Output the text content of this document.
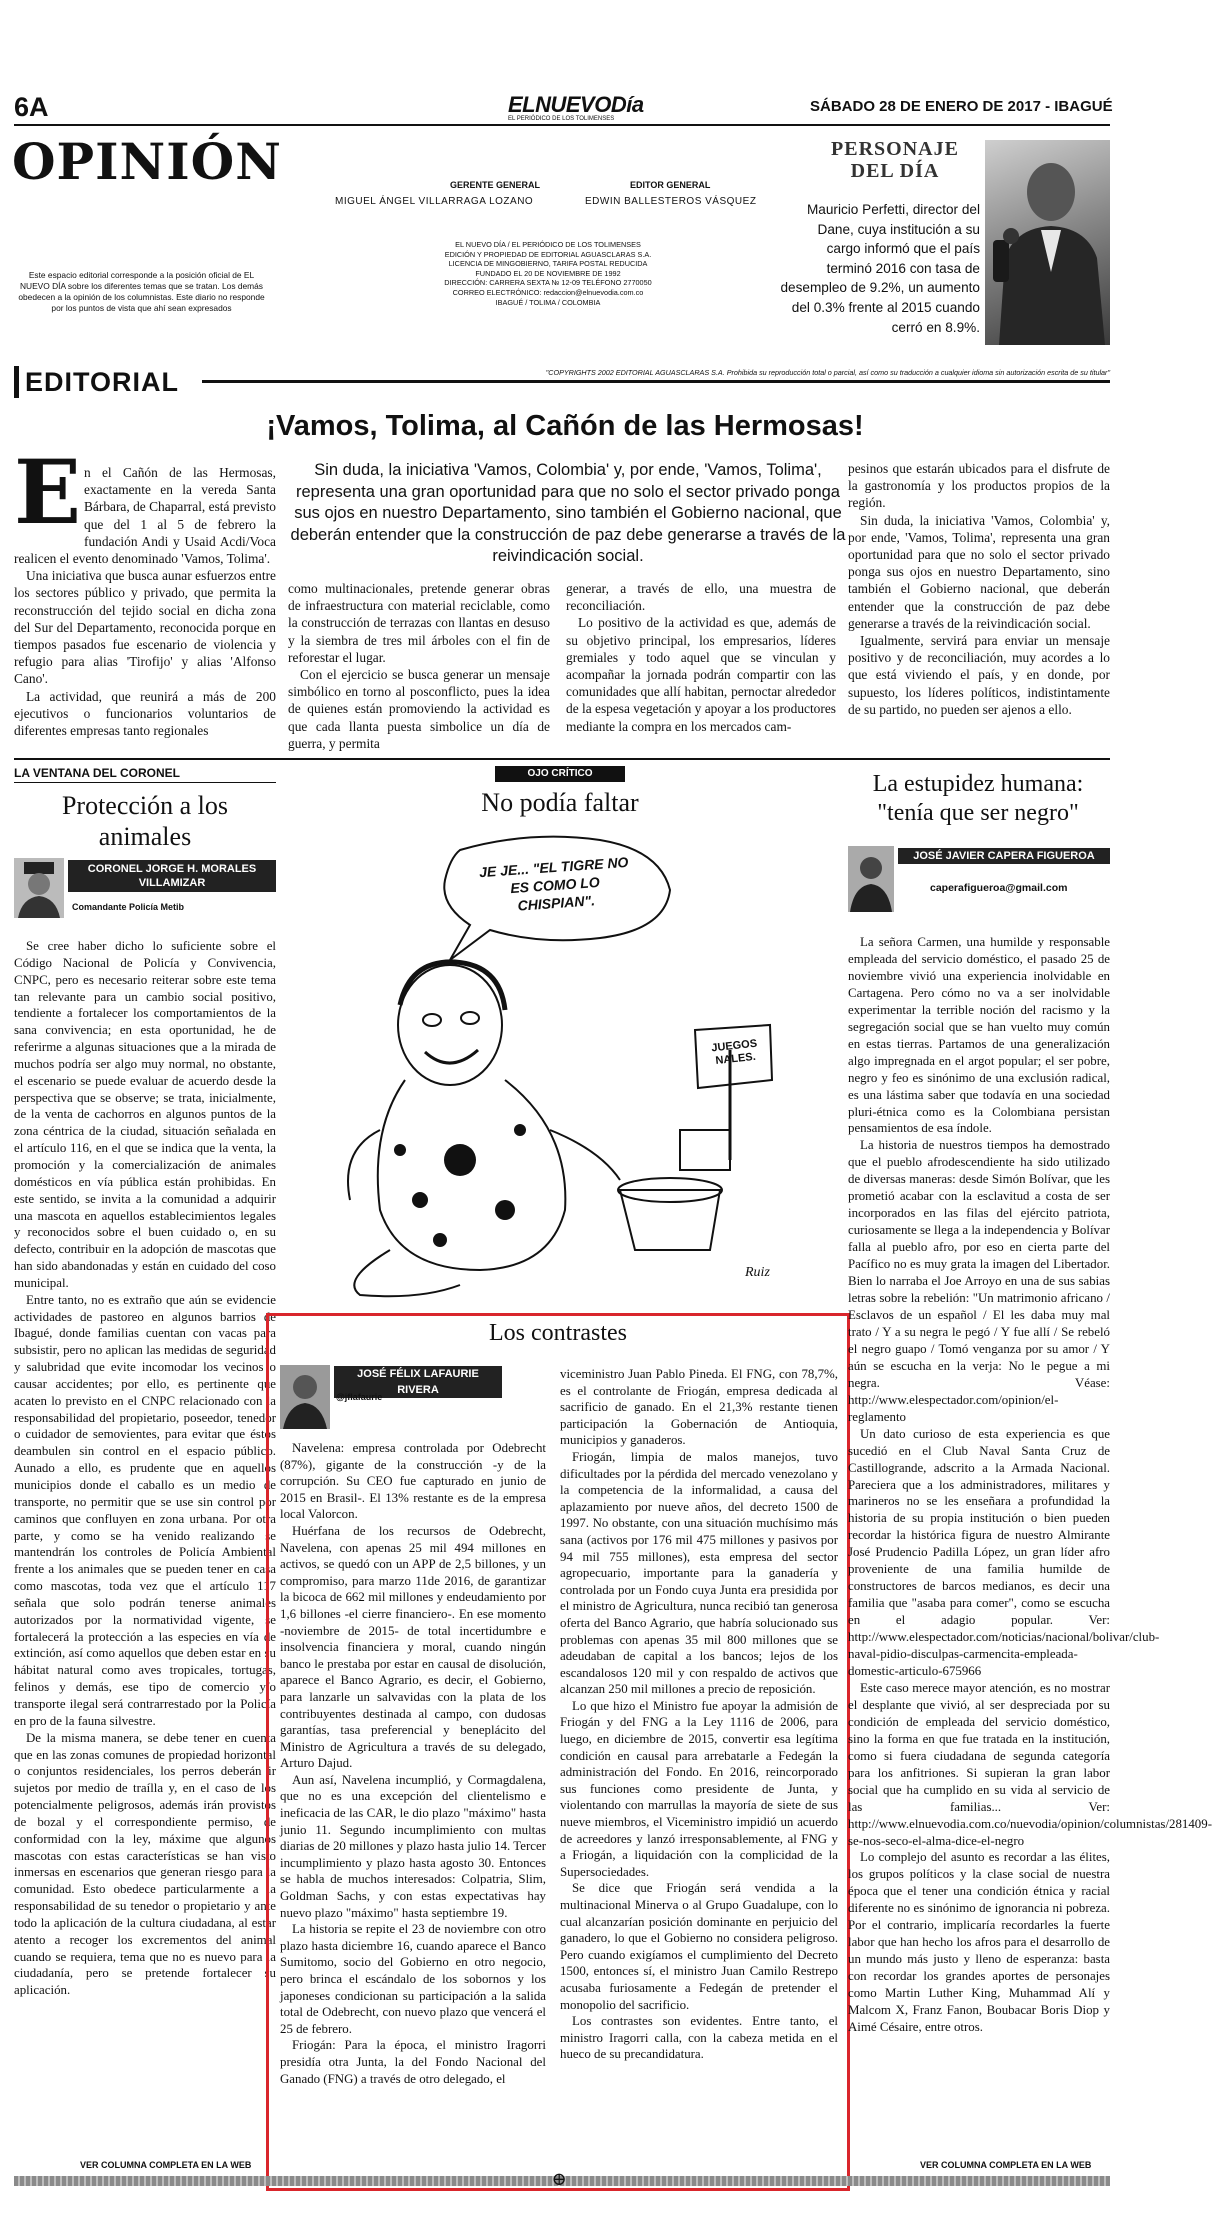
6A	ELNUEVODía
EL PERIÓDICO DE LOS TOLIMENSES
SÁBADO 28 DE ENERO DE 2017 - IBAGUÉ
OPINIÓN
Este espacio editorial corresponde a la posición oficial de EL NUEVO DÍA sobre los diferentes temas que se tratan. Los demás obedecen a la opinión de los columnistas. Este diario no responde por los puntos de vista que ahí sean expresados
GERENTE GENERAL
MIGUEL ÁNGEL VILLARRAGA LOZANO
EDITOR GENERAL
EDWIN BALLESTEROS VÁSQUEZ
EL NUEVO DÍA / EL PERIÓDICO DE LOS TOLIMENSES
EDICIÓN Y PROPIEDAD DE EDITORIAL AGUASCLARAS S.A.
LICENCIA DE MINGOBIERNO, TARIFA POSTAL REDUCIDA
FUNDADO EL 20 DE NOVIEMBRE DE 1992
DIRECCIÓN: CARRERA SEXTA № 12-09 TELÉFONO 2770050
CORREO ELECTRÓNICO: redaccion@elnuevodia.com.co
IBAGUÉ / TOLIMA / COLOMBIA
PERSONAJE
DEL DÍA
Mauricio Perfetti, director del Dane, cuya institución a su cargo informó que el país terminó 2016 con tasa de desempleo de 9.2%, un aumento del 0.3% frente al 2015 cuando cerró en 8.9%.
"COPYRIGHTS 2002 EDITORIAL AGUASCLARAS S.A. Prohibida su reproducción total o parcial, así como su traducción a cualquier idioma sin autorización escrita de su titular"
EDITORIAL
¡Vamos, Tolima, al Cañón de las Hermosas!
E n el Cañón de las Hermosas, exactamente en la vereda Santa Bárbara, de Chaparral, está previsto que del 1 al 5 de febrero la fundación Andi y Usaid Acdi/Voca realicen el evento denominado 'Vamos, Tolima'.

Una iniciativa que busca aunar esfuerzos entre los sectores público y privado, que permita la reconstrucción del tejido social en dicha zona del Sur del Departamento, reconocida porque en tiempos pasados fue escenario de violencia y refugio para alias 'Tirofijo' y alias 'Alfonso Cano'.

La actividad, que reunirá a más de 200 ejecutivos o funcionarios voluntarios de diferentes empresas tanto regionales

Sin duda, la iniciativa 'Vamos, Colombia' y, por ende, 'Vamos, Tolima', representa una gran oportunidad para que no solo el sector privado ponga sus ojos en nuestro Departamento, sino también el Gobierno nacional, que deberán entender que la construcción de paz debe generarse a través de la reivindicación social.

como multinacionales, pretende generar obras de infraestructura con material reciclable, como la construcción de terrazas con llantas en desuso y la siembra de tres mil árboles con el fin de reforestar el lugar.

Con el ejercicio se busca generar un mensaje simbólico en torno al posconflicto, pues la idea de quienes están promoviendo la actividad es que cada llanta puesta simbolice un día de guerra, y permita

generar, a través de ello, una muestra de reconciliación.

Lo positivo de la actividad es que, además de su objetivo principal, los empresarios, líderes gremiales y todo aquel que se vinculan y acompañar la jornada podrán compartir con las comunidades que allí habitan, pernoctar alrededor de la espesa vegetación y apoyar a los productores mediante la compra en los mercados cam-

pesinos que estarán ubicados para el disfrute de la gastronomía y los productos propios de la región.

Sin duda, la iniciativa 'Vamos, Colombia' y, por ende, 'Vamos, Tolima', representa una gran oportunidad para que no solo el sector privado ponga sus ojos en nuestro Departamento, sino también el Gobierno nacional, que deberán entender que la construcción de paz debe generarse a través de la reivindicación social.

Igualmente, servirá para enviar un mensaje positivo y de reconciliación, muy acordes a lo que está viviendo el país, y en donde, por supuesto, los líderes políticos, indistintamente de su partido, no pueden ser ajenos a ello.

LA VENTANA DEL CORONEL
Protección a los animales
CORONEL JORGE H. MORALES VILLAMIZAR
Comandante Policía Metib

Se cree haber dicho lo suficiente sobre el Código Nacional de Policía y Convivencia, CNPC, pero es necesario reiterar sobre este tema tan relevante para un cambio social positivo, tendiente a fortalecer los comportamientos de la sana convivencia; en esta oportunidad, he de referirme a algunas situaciones que a la mirada de muchos podría ser algo muy normal, no obstante, el escenario se puede evaluar de acuerdo desde la perspectiva que se observe; se trata, inicialmente, de la venta de cachorros en algunos puntos de la zona céntrica de la ciudad, situación señalada en el artículo 116, en el que se indica que la venta, la promoción y la comercialización de animales domésticos en vía pública están prohibidas. En este sentido, se invita a la comunidad a adquirir una mascota en aquellos establecimientos legales y reconocidos sobre el buen cuidado o, en su defecto, contribuir en la adopción de mascotas que han sido abandonadas y están en cuidado del coso municipal.

Entre tanto, no es extraño que aún se evidencie actividades de pastoreo en algunos barrios de Ibagué, donde familias cuentan con vacas para subsistir, pero no aplican las medidas de seguridad y salubridad que evite incomodar los vecinos o causar accidentes; por ello, es pertinente que acaten lo previsto en el CNPC relacionado con la responsabilidad del propietario, poseedor, tenedor o cuidador de semovientes, para evitar que éstos deambulen sin control en el espacio público. Aunado a ello, es prudente que en aquellos municipios donde el caballo es un medio de transporte, no permitir que se use sin control por caminos que confluyen en zona urbana. Por otra parte, y como se ha venido realizando se mantendrán los controles de Policía Ambiental frente a los animales que se pueden tener en casa como mascotas, toda vez que el artículo 117 señala que solo podrán tenerse animales autorizados por la normatividad vigente, se fortalecerá la protección a las especies en vía de extinción, así como aquellos que deben estar en su hábitat natural como aves tropicales, tortugas, felinos y demás, ese tipo de comercio y/o transporte ilegal será contrarrestado por la Policía en pro de la fauna silvestre.

De la misma manera, se debe tener en cuenta que en las zonas comunes de propiedad horizontal o conjuntos residenciales, los perros deberán ir sujetos por medio de traílla y, en el caso de los potencialmente peligrosos, además irán provistos de bozal y el correspondiente permiso, de conformidad con la ley, máxime que algunos mascotas con estas características se han visto inmersas en escenarios que generan riesgo para la comunidad. Esto obedece particularmente a la responsabilidad de su tenedor o propietario y ante todo la aplicación de la cultura ciudadana, al estar atento a recoger los excrementos del animal cuando se requiera, tema que no es nuevo para la ciudadanía, pero se pretende fortalecer su aplicación.

VER COLUMNA COMPLETA EN LA WEB
OJO CRÍTICO
No podía faltar
JE JE... "EL TIGRE NO ES COMO LO CHISPIAN".
JUEGOS NALES.
Ruiz
Los contrastes
JOSÉ FÉLIX LAFAURIE RIVERA
@jflafaurie

Navelena: empresa controlada por Odebrecht (87%), gigante de la construcción -y de la corrupción. Su CEO fue capturado en junio de 2015 en Brasil-. El 13% restante es de la empresa local Valorcon.

Huérfana de los recursos de Odebrecht, Navelena, con apenas 25 mil 494 millones en activos, se quedó con un APP de 2,5 billones, y un compromiso, para marzo 11de 2016, de garantizar la bicoca de 662 mil millones y endeudamiento por 1,6 billones -el cierre financiero-. En ese momento -noviembre de 2015- de total incertidumbre e insolvencia financiera y moral, cuando ningún banco le prestaba por estar en causal de disolución, aparece el Banco Agrario, es decir, el Gobierno, para lanzarle un salvavidas con la plata de los contribuyentes destinada al campo, con dudosas garantías, tasa preferencial y beneplácito del Ministro de Agricultura a través de su delegado, Arturo Dajud.

Aun así, Navelena incumplió, y Cormagdalena, que no es una excepción del clientelismo e ineficacia de las CAR, le dio plazo "máximo" hasta junio 11. Segundo incumplimiento con multas diarias de 20 millones y plazo hasta julio 14. Tercer incumplimiento y plazo hasta agosto 30. Entonces se habla de muchos interesados: Colpatria, Slim, Goldman Sachs, y con estas expectativas hay nuevo plazo "máximo" hasta septiembre 19.

La historia se repite el 23 de noviembre con otro plazo hasta diciembre 16, cuando aparece el Banco Sumitomo, socio del Gobierno en otro negocio, pero brinca el escándalo de los sobornos y los japoneses condicionan su participación a la salida total de Odebrecht, con nuevo plazo que vencerá el 25 de febrero.

Friogán: Para la época, el ministro Iragorri presidía otra Junta, la del Fondo Nacional del Ganado (FNG) a través de otro delegado, el

viceministro Juan Pablo Pineda. El FNG, con 78,7%, es el controlante de Friogán, empresa dedicada al sacrificio de ganado. En el 21,3% restante tienen participación la Gobernación de Antioquia, municipios y ganaderos.

Friogán, limpia de malos manejos, tuvo dificultades por la pérdida del mercado venezolano y la competencia de la informalidad, a causa del aplazamiento por nueve años, del decreto 1500 de 1997. No obstante, con una situación muchísimo más sana (activos por 176 mil 475 millones y pasivos por 94 mil 755 millones), esta empresa del sector agropecuario, importante para la ganadería y controlada por un Fondo cuya Junta era presidida por el ministro de Agricultura, nunca recibió tan generosa oferta del Banco Agrario, que habría solucionado sus problemas con apenas 35 mil 800 millones que se adeudaban de capital a los bancos; lejos de los escandalosos 120 mil y con respaldo de activos que alcanzan 250 mil millones a precio de reposición.

Lo que hizo el Ministro fue apoyar la admisión de Friogán y del FNG a la Ley 1116 de 2006, para luego, en diciembre de 2015, convertir esa legítima condición en causal para arrebatarle a Fedegán la administración del Fondo. En 2016, reincorporado sus funciones como presidente de Junta, y violentando con marrullas la mayoría de siete de sus nueve miembros, el Viceministro impidió un acuerdo de acreedores y lanzó irresponsablemente, al FNG y a Friogán, a liquidación con la complicidad de la Supersociedades.

Se dice que Friogán será vendida a la multinacional Minerva o al Grupo Guadalupe, con lo cual alcanzarían posición dominante en perjuicio del ganadero, lo que el Gobierno no considera peligroso. Pero cuando exigíamos el cumplimiento del Decreto 1500, entonces sí, el ministro Juan Camilo Restrepo acusaba furiosamente a Fedegán de pretender el monopolio del sacrificio.

Los contrastes son evidentes. Entre tanto, el ministro Iragorri calla, con la cabeza metida en el hueco de su precandidatura.

La estupidez humana: "tenía que ser negro"
JOSÉ JAVIER CAPERA FIGUEROA
caperafigueroa@gmail.com

La señora Carmen, una humilde y responsable empleada del servicio doméstico, el pasado 25 de noviembre vivió una experiencia inolvidable en Cartagena. Pero cómo no va a ser inolvidable experimentar la terrible noción del racismo y la segregación social que se han vuelto muy común en estas tierras. Partamos de una generalización algo impregnada en el argot popular; el ser pobre, negro y feo es sinónimo de una exclusión radical, es una lástima saber que todavía en una sociedad pluri-étnica como es la Colombiana persistan pensamientos de esa índole.

La historia de nuestros tiempos ha demostrado que el pueblo afrodescendiente ha sido utilizado de diversas maneras: desde Simón Bolívar, que les prometió acabar con la esclavitud a costa de ser incorporados en las filas del ejército patriota, curiosamente se llega a la independencia y Bolívar falla al pueblo afro, por eso en cierta parte del Pacífico no es muy grata la imagen del Libertador. Bien lo narraba el Joe Arroyo en una de sus sabias letras sobre la rebelión: "Un matrimonio africano / Esclavos de un español / El les daba muy mal trato / Y a su negra le pegó / Y fue allí / Se rebeló el negro guapo / Tomó venganza por su amor / Y aún se escucha en la verja: No le pegue a mi negra. Véase: http://www.elespectador.com/opinion/el-reglamento

Un dato curioso de esta experiencia es que sucedió en el Club Naval Santa Cruz de Castillogrande, adscrito a la Armada Nacional. Pareciera que a los administradores, militares y marineros no se les enseñara a profundidad la historia de su propia institución o bien pueden recordar la histórica figura de nuestro Almirante José Prudencio Padilla López, un gran líder afro proveniente de una familia humilde de constructores de barcos medianos, es decir una familia que "asaba para comer", como se escucha en el adagio popular. Ver: http://www.elespectador.com/noticias/nacional/bolivar/club-naval-pidio-disculpas-carmencita-empleada-domestic-articulo-675966

Este caso merece mayor atención, es no mostrar el desplante que vivió, al ser despreciada por su condición de empleada del servicio doméstico, sino la forma en que fue tratada en la institución, como si fuera ciudadana de segunda categoría para los anfitriones. Si supieran la gran labor social que ha cumplido en su vida al servicio de las familias... Ver: http://www.elnuevodia.com.co/nuevodia/opinion/columnistas/281409-se-nos-seco-el-alma-dice-el-negro

Lo complejo del asunto es recordar a las élites, los grupos políticos y la clase social de nuestra época que el tener una condición étnica y racial diferente no es sinónimo de ignorancia ni pobreza. Por el contrario, implicaría recordarles la fuerte labor que han hecho los afros para el desarrollo de un mundo más justo y lleno de esperanza: basta con recordar los grandes aportes de personajes como Martin Luther King, Muhammad Alí y Malcom X, Franz Fanon, Boubacar Boris Diop y Aimé Césaire, entre otros.

VER COLUMNA COMPLETA EN LA WEB
⊕
